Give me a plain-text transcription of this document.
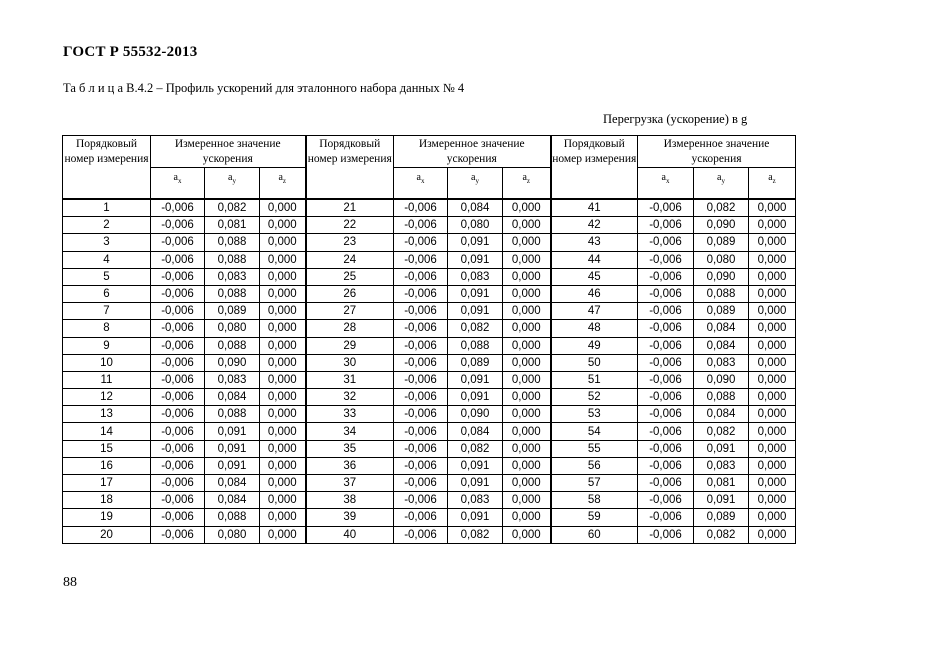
ГОСТ Р 55532-2013
Та б л и ц а В.4.2 – Профиль ускорений для эталонного набора данных № 4
Перегрузка (ускорение) в g
Порядковый номер измерения	Измеренное значение ускорения			Порядковый номер измерения	Измеренное значение ускорения			Порядковый номер измерения	Измеренное значение ускорения		
	$a_x$	$a_y$	$a_z$		$a_x$	$a_y$	$a_z$		$a_x$	$a_y$	$a_z$
1	-0,006	0,082	0,000	21	-0,006	0,084	0,000	41	-0,006	0,082	0,000
2	-0,006	0,081	0,000	22	-0,006	0,080	0,000	42	-0,006	0,090	0,000
3	-0,006	0,088	0,000	23	-0,006	0,091	0,000	43	-0,006	0,089	0,000
4	-0,006	0,088	0,000	24	-0,006	0,091	0,000	44	-0,006	0,080	0,000
5	-0,006	0,083	0,000	25	-0,006	0,083	0,000	45	-0,006	0,090	0,000
6	-0,006	0,088	0,000	26	-0,006	0,091	0,000	46	-0,006	0,088	0,000
7	-0,006	0,089	0,000	27	-0,006	0,091	0,000	47	-0,006	0,089	0,000
8	-0,006	0,080	0,000	28	-0,006	0,082	0,000	48	-0,006	0,084	0,000
9	-0,006	0,088	0,000	29	-0,006	0,088	0,000	49	-0,006	0,084	0,000
10	-0,006	0,090	0,000	30	-0,006	0,089	0,000	50	-0,006	0,083	0,000
11	-0,006	0,083	0,000	31	-0,006	0,091	0,000	51	-0,006	0,090	0,000
12	-0,006	0,084	0,000	32	-0,006	0,091	0,000	52	-0,006	0,088	0,000
13	-0,006	0,088	0,000	33	-0,006	0,090	0,000	53	-0,006	0,084	0,000
14	-0,006	0,091	0,000	34	-0,006	0,084	0,000	54	-0,006	0,082	0,000
15	-0,006	0,091	0,000	35	-0,006	0,082	0,000	55	-0,006	0,091	0,000
16	-0,006	0,091	0,000	36	-0,006	0,091	0,000	56	-0,006	0,083	0,000
17	-0,006	0,084	0,000	37	-0,006	0,091	0,000	57	-0,006	0,081	0,000
18	-0,006	0,084	0,000	38	-0,006	0,083	0,000	58	-0,006	0,091	0,000
19	-0,006	0,088	0,000	39	-0,006	0,091	0,000	59	-0,006	0,089	0,000
20	-0,006	0,080	0,000	40	-0,006	0,082	0,000	60	-0,006	0,082	0,000
88
